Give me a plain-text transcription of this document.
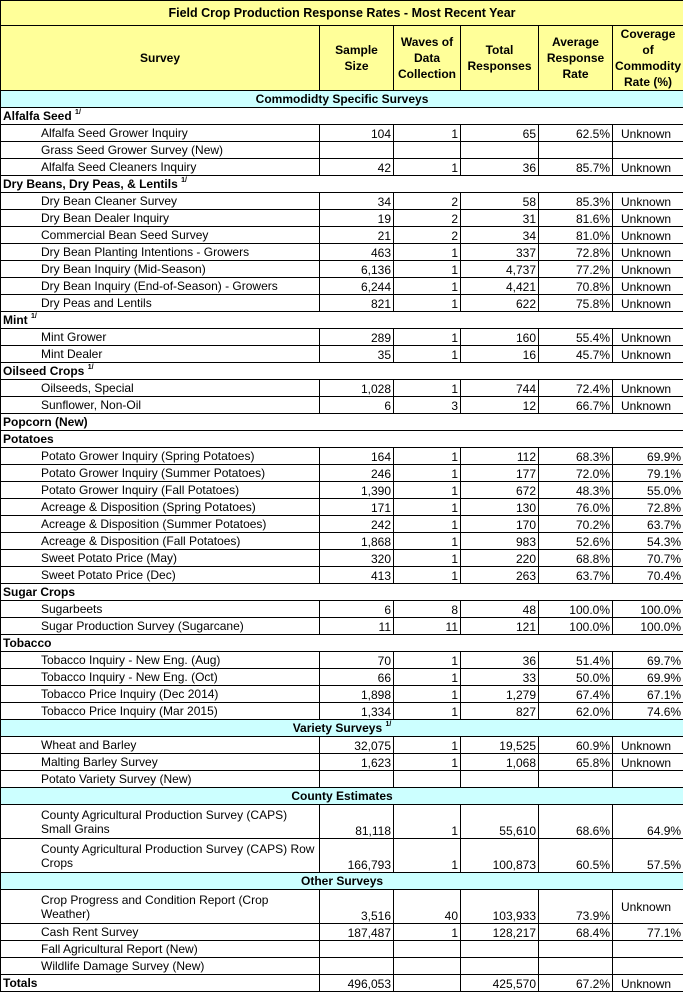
Field Crop Production Response Rates - Most Recent Year					
Survey	Sample Size	Waves of Data Collection	Total Responses	Average Response Rate	Coverage of Commodity Rate (%)
Commodidty Specific Surveys					
Alfalfa Seed $^{1/}$
Alfalfa Seed Grower Inquiry	104	1	65	62.5%	Unknown
Grass Seed Grower Survey (New)					
Alfalfa Seed Cleaners Inquiry	42	1	36	85.7%	Unknown
Dry Beans, Dry Peas, & Lentils $^{1/}$
Dry Bean Cleaner Survey	34	2	58	85.3%	Unknown
Dry Bean Dealer Inquiry	19	2	31	81.6%	Unknown
Commercial Bean Seed Survey	21	2	34	81.0%	Unknown
Dry Bean Planting Intentions - Growers	463	1	337	72.8%	Unknown
Dry Bean Inquiry (Mid-Season)	6,136	1	4,737	77.2%	Unknown
Dry Bean Inquiry (End-of-Season) - Growers	6,244	1	4,421	70.8%	Unknown
Dry Peas and Lentils	821	1	622	75.8%	Unknown
Mint $^{1/}$
Mint Grower	289	1	160	55.4%	Unknown
Mint Dealer	35	1	16	45.7%	Unknown
Oilseed Crops $^{1/}$
Oilseeds, Special	1,028	1	744	72.4%	Unknown
Sunflower, Non-Oil	6	3	12	66.7%	Unknown
Popcorn (New)					
Potatoes					
Potato Grower Inquiry (Spring Potatoes)	164	1	112	68.3%	69.9%
Potato Grower Inquiry (Summer Potatoes)	246	1	177	72.0%	79.1%
Potato Grower Inquiry (Fall Potatoes)	1,390	1	672	48.3%	55.0%
Acreage & Disposition (Spring Potatoes)	171	1	130	76.0%	72.8%
Acreage & Disposition (Summer Potatoes)	242	1	170	70.2%	63.7%
Acreage & Disposition (Fall Potatoes)	1,868	1	983	52.6%	54.3%
Sweet Potato Price (May)	320	1	220	68.8%	70.7%
Sweet Potato Price (Dec)	413	1	263	63.7%	70.4%
Sugar Crops					
Sugarbeets	6	8	48	100.0%	100.0%
Sugar Production Survey (Sugarcane)	11	11	121	100.0%	100.0%
Tobacco					
Tobacco Inquiry - New Eng. (Aug)	70	1	36	51.4%	69.7%
Tobacco Inquiry - New Eng. (Oct)	66	1	33	50.0%	69.9%
Tobacco Price Inquiry (Dec 2014)	1,898	1	1,279	67.4%	67.1%
Tobacco Price Inquiry (Mar 2015)	1,334	1	827	62.0%	74.6%
Variety Surveys $^{1/}$
Wheat and Barley	32,075	1	19,525	60.9%	Unknown
Malting Barley Survey	1,623	1	1,068	65.8%	Unknown
Potato Variety Survey (New)					
County Estimates					
County Agricultural Production Survey (CAPS) Small Grains	81,118	1	55,610	68.6%	64.9%
County Agricultural Production Survey (CAPS) Row Crops	166,793	1	100,873	60.5%	57.5%
Other Surveys					
Crop Progress and Condition Report (Crop Weather)	3,516	40	103,933	73.9%	Unknown
Cash Rent Survey	187,487	1	128,217	68.4%	77.1%
Fall Agricultural Report (New)					
Wildlife Damage Survey (New)					
Totals	496,053		425,570	67.2%	Unknown
